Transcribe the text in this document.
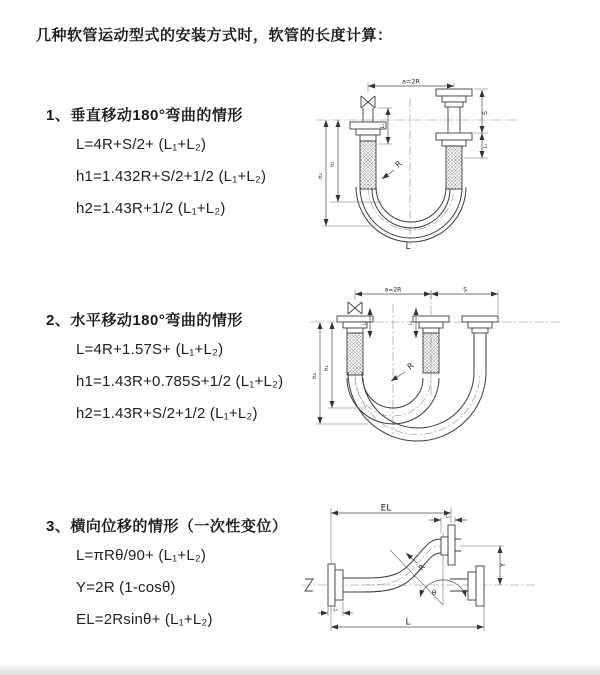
几种软管运动型式的安装方式时，软管的长度计算：
1、垂直移动180°弯曲的情形
L=4R+S/2+ (L₁+L₂)
h1=1.432R+S/2+1/2 (L₁+L₂)
h2=1.43R+1/2 (L₁+L₂)
2、水平移动180°弯曲的情形
L=4R+1.57S+ (L₁+L₂)
h1=1.43R+0.785S+1/2 (L₁+L₂)
h2=1.43R+S/2+1/2 (L₁+L₂)
3、横向位移的情形（一次性变位）
L=πRθ/90+ (L₁+L₂)
Y=2R (1-cosθ)
EL=2Rsinθ+ (L₁+L₂)
a=2R
S
L₁
h₁
h₂
L₁
R
L
a=2R	S
h₁
h₂
L₁	L₁
R
θ
EL
L₁
Y
L
L₁
R
